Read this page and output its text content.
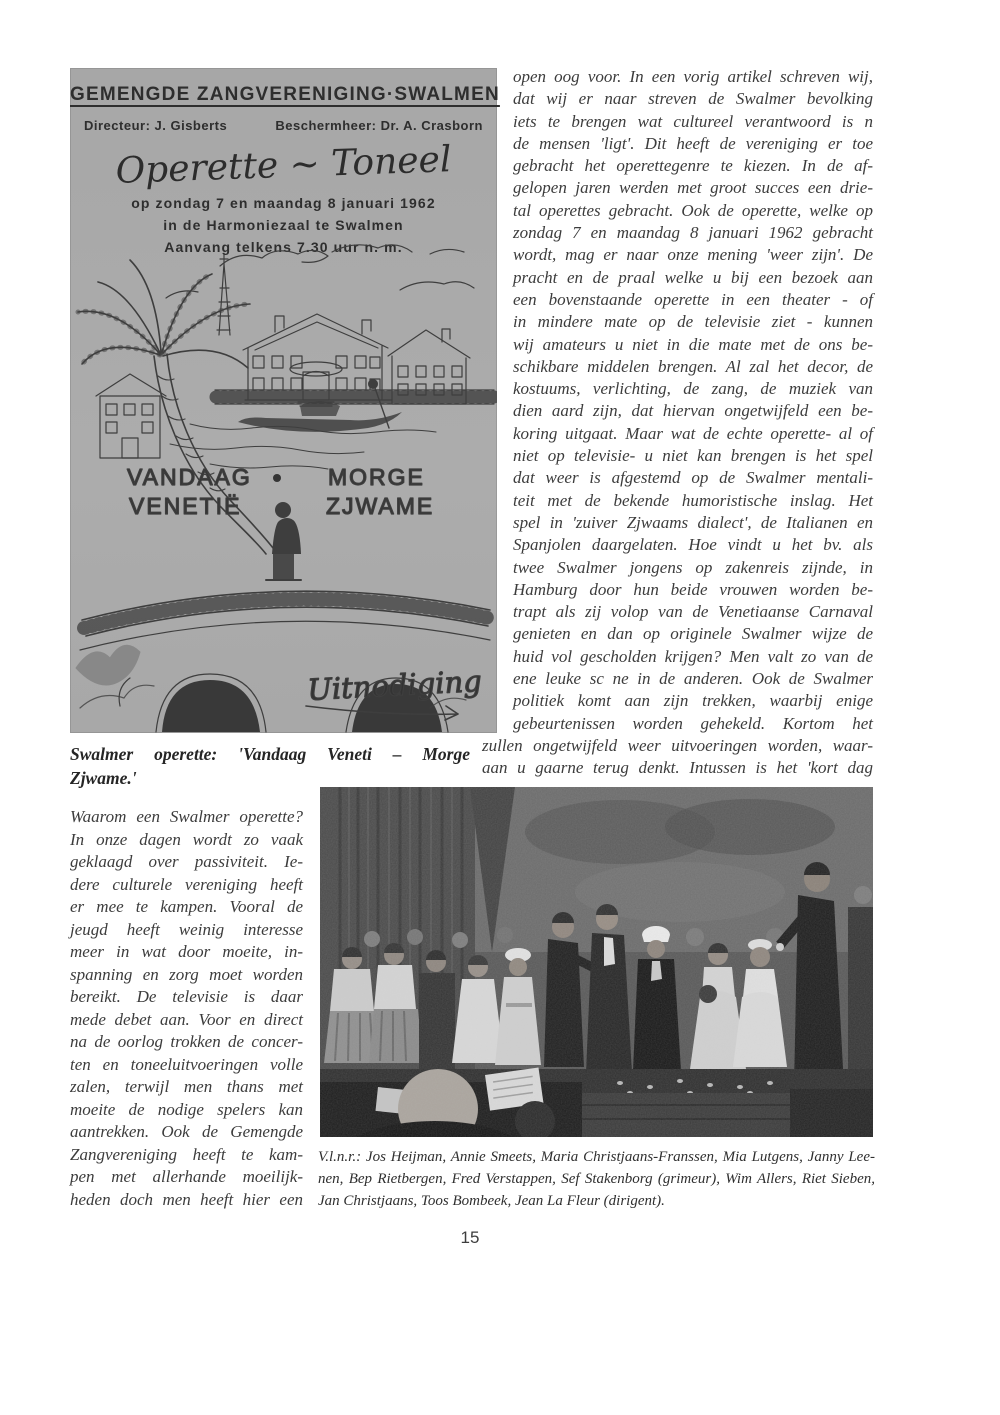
GEMENGDE ZANGVERENIGING·SWALMEN
Directeur: J. Gisberts	Beschermheer: Dr. A. Crasborn
Operette ~ Toneel
op zondag 7 en maandag 8 januari 1962
in de Harmoniezaal te Swalmen
Aanvang telkens 7.30 uur n. m.
VANDAAG
VENETIË
MORGE
ZJWAME
Uitnodiging
Swalmer operette: 'Vandaag Veneti – Morge
Zjwame.'
open oog voor. In een vorig artikel schreven wij,
dat wij er naar streven de Swalmer bevolking
iets te brengen wat cultureel verantwoord is n
de mensen 'ligt'. Dit heeft de vereniging er toe
gebracht het operettegenre te kiezen. In de af-
gelopen jaren werden met groot succes een drie-
tal operettes gebracht. Ook de operette, welke op
zondag 7 en maandag 8 januari 1962 gebracht
wordt, mag er naar onze mening 'weer zijn'. De
pracht en de praal welke u bij een bezoek aan
een bovenstaande operette in een theater - of
in mindere mate op de televisie ziet - kunnen
wij amateurs u niet in die mate met de ons be-
schikbare middelen brengen. Al zal het decor, de
kostuums, verlichting, de zang, de muziek van
dien aard zijn, dat hiervan ongetwijfeld een be-
koring uitgaat. Maar wat de echte operette- al of
niet op televisie- u niet kan brengen is het spel
dat weer is afgestemd op de Swalmer mentali-
teit met de bekende humoristische inslag. Het
spel in 'zuiver Zjwaams dialect', de Italianen en
Spanjolen daargelaten. Hoe vindt u het bv. als
twee Swalmer jongens op zakenreis zijnde, in
Hamburg door hun beide vrouwen worden be-
trapt als zij volop van de Venetiaanse Carnaval
genieten en dan op originele Swalmer wijze de
huid vol gescholden krijgen? Men valt zo van de
ene leuke sc ne in de anderen. Ook de Swalmer
politiek komt aan zijn trekken, waarbij enige
gebeurtenissen worden gehekeld. Kortom het
zullen ongetwijfeld weer uitvoeringen worden, waar-
aan u gaarne terug denkt. Intussen is het 'kort dag
Waarom een Swalmer operette?
In onze dagen wordt zo vaak
geklaagd over passiviteit. Ie-
dere culturele vereniging heeft
er mee te kampen. Vooral de
jeugd heeft weinig interesse
meer in wat door moeite, in-
spanning en zorg moet worden
bereikt. De televisie is daar
mede debet aan. Voor en direct
na de oorlog trokken de concer-
ten en toneeluitvoeringen volle
zalen, terwijl men thans met
moeite de nodige spelers kan
aantrekken. Ook de Gemengde
Zangvereniging heeft te kam-
pen met allerhande moeilijk-
heden doch men heeft hier een
V.l.n.r.: Jos Heijman, Annie Smeets, Maria Christjaans-Franssen, Mia Lutgens, Janny Lee-
nen, Bep Rietbergen, Fred Verstappen, Sef Stakenborg (grimeur), Wim Allers, Riet Sieben,
Jan Christjaans, Toos Bombeek, Jean La Fleur (dirigent).
15
